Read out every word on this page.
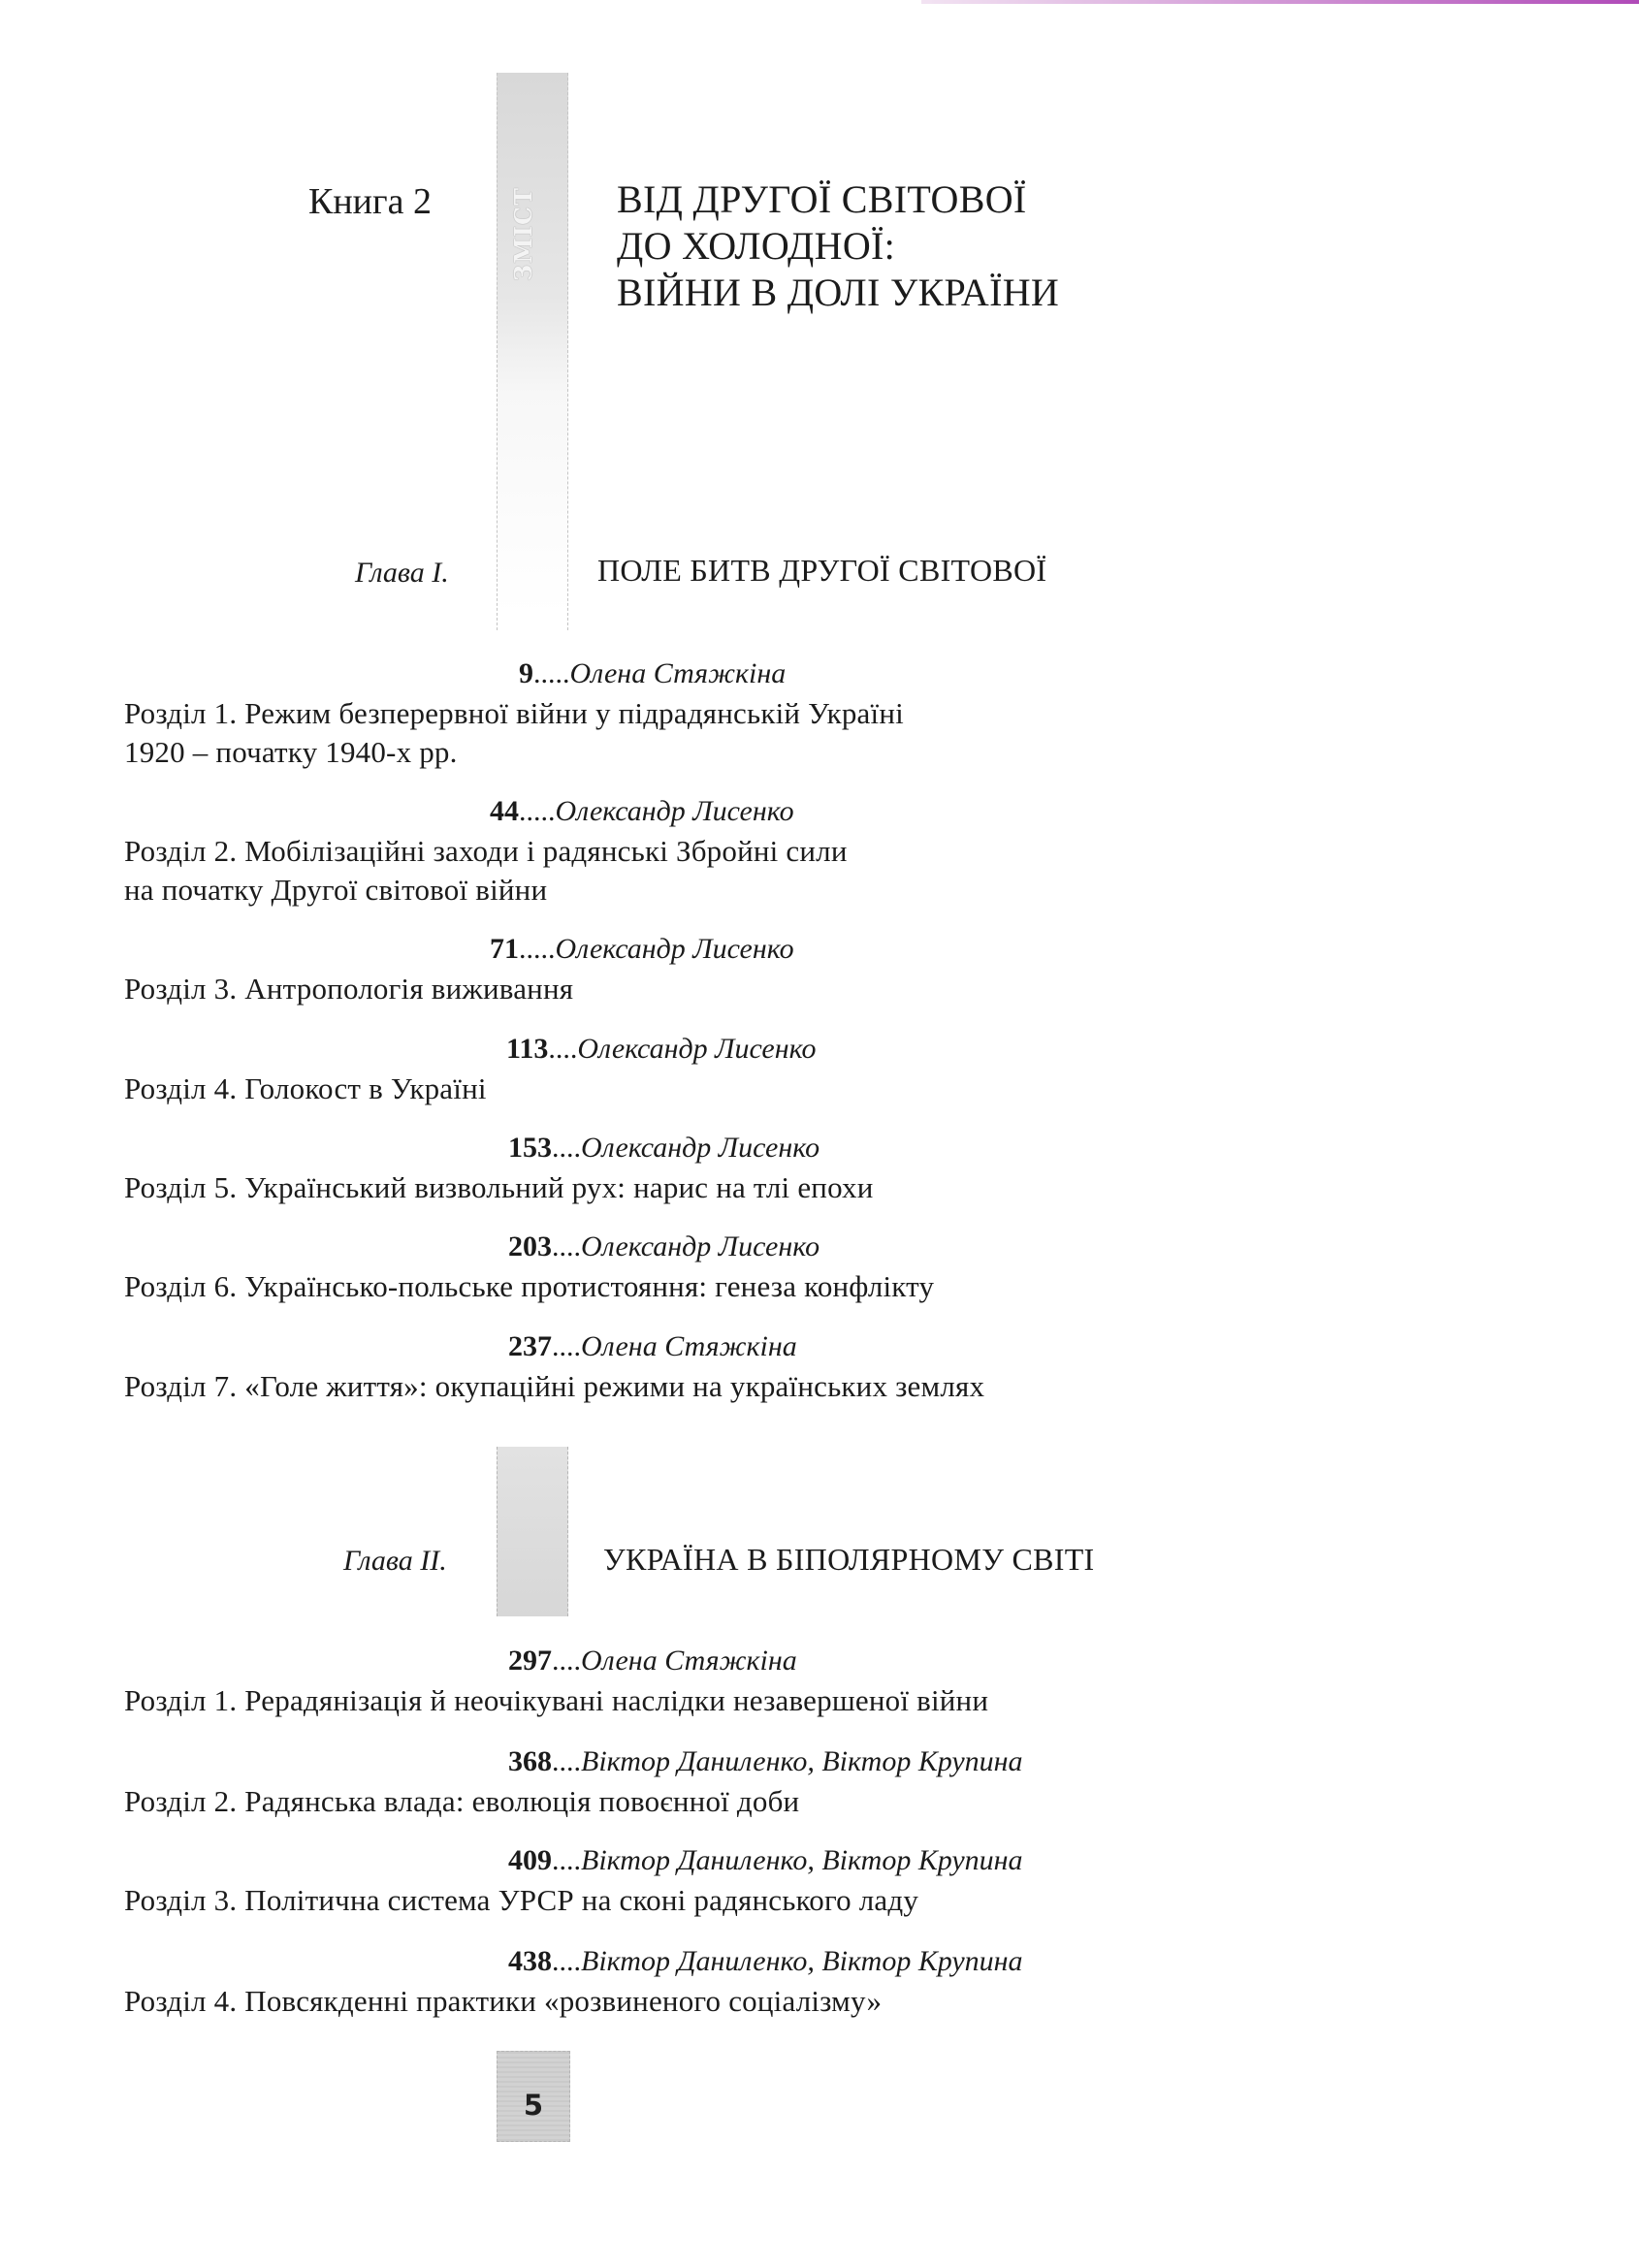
ЗМІСТ
Книга 2	ВІД ДРУГОЇ СВІТОВОЇ
ДО ХОЛОДНОЇ:
ВІЙНИ В ДОЛІ УКРАЇНИ
Глава І.	ПОЛЕ БИТВ ДРУГОЇ СВІТОВОЇ
9.....Олена Стяжкіна
Розділ 1. Режим безперервної війни у підрадянській Україні
1920 – початку 1940-х рр.
44.....Олександр Лисенко
Розділ 2. Мобілізаційні заходи і радянські Збройні сили
на початку Другої світової війни
71.....Олександр Лисенко
Розділ 3. Антропологія виживання
113....Олександр Лисенко
Розділ 4. Голокост в Україні
153....Олександр Лисенко
Розділ 5. Український визвольний рух: нарис на тлі епохи
203....Олександр Лисенко
Розділ 6. Українсько-польське протистояння: генеза конфлікту
237....Олена Стяжкіна
Розділ 7. «Голе життя»: окупаційні режими на українських землях
Глава ІІ.	УКРАЇНА В БІПОЛЯРНОМУ СВІТІ
297....Олена Стяжкіна
Розділ 1. Рерадянізація й неочікувані наслідки незавершеної війни
368....Віктор Даниленко, Віктор Крупина
Розділ 2. Радянська влада: еволюція повоєнної доби
409....Віктор Даниленко, Віктор Крупина
Розділ 3. Політична система УРСР на сконі радянського ладу
438....Віктор Даниленко, Віктор Крупина
Розділ 4. Повсякденні практики «розвиненого соціалізму»
5
